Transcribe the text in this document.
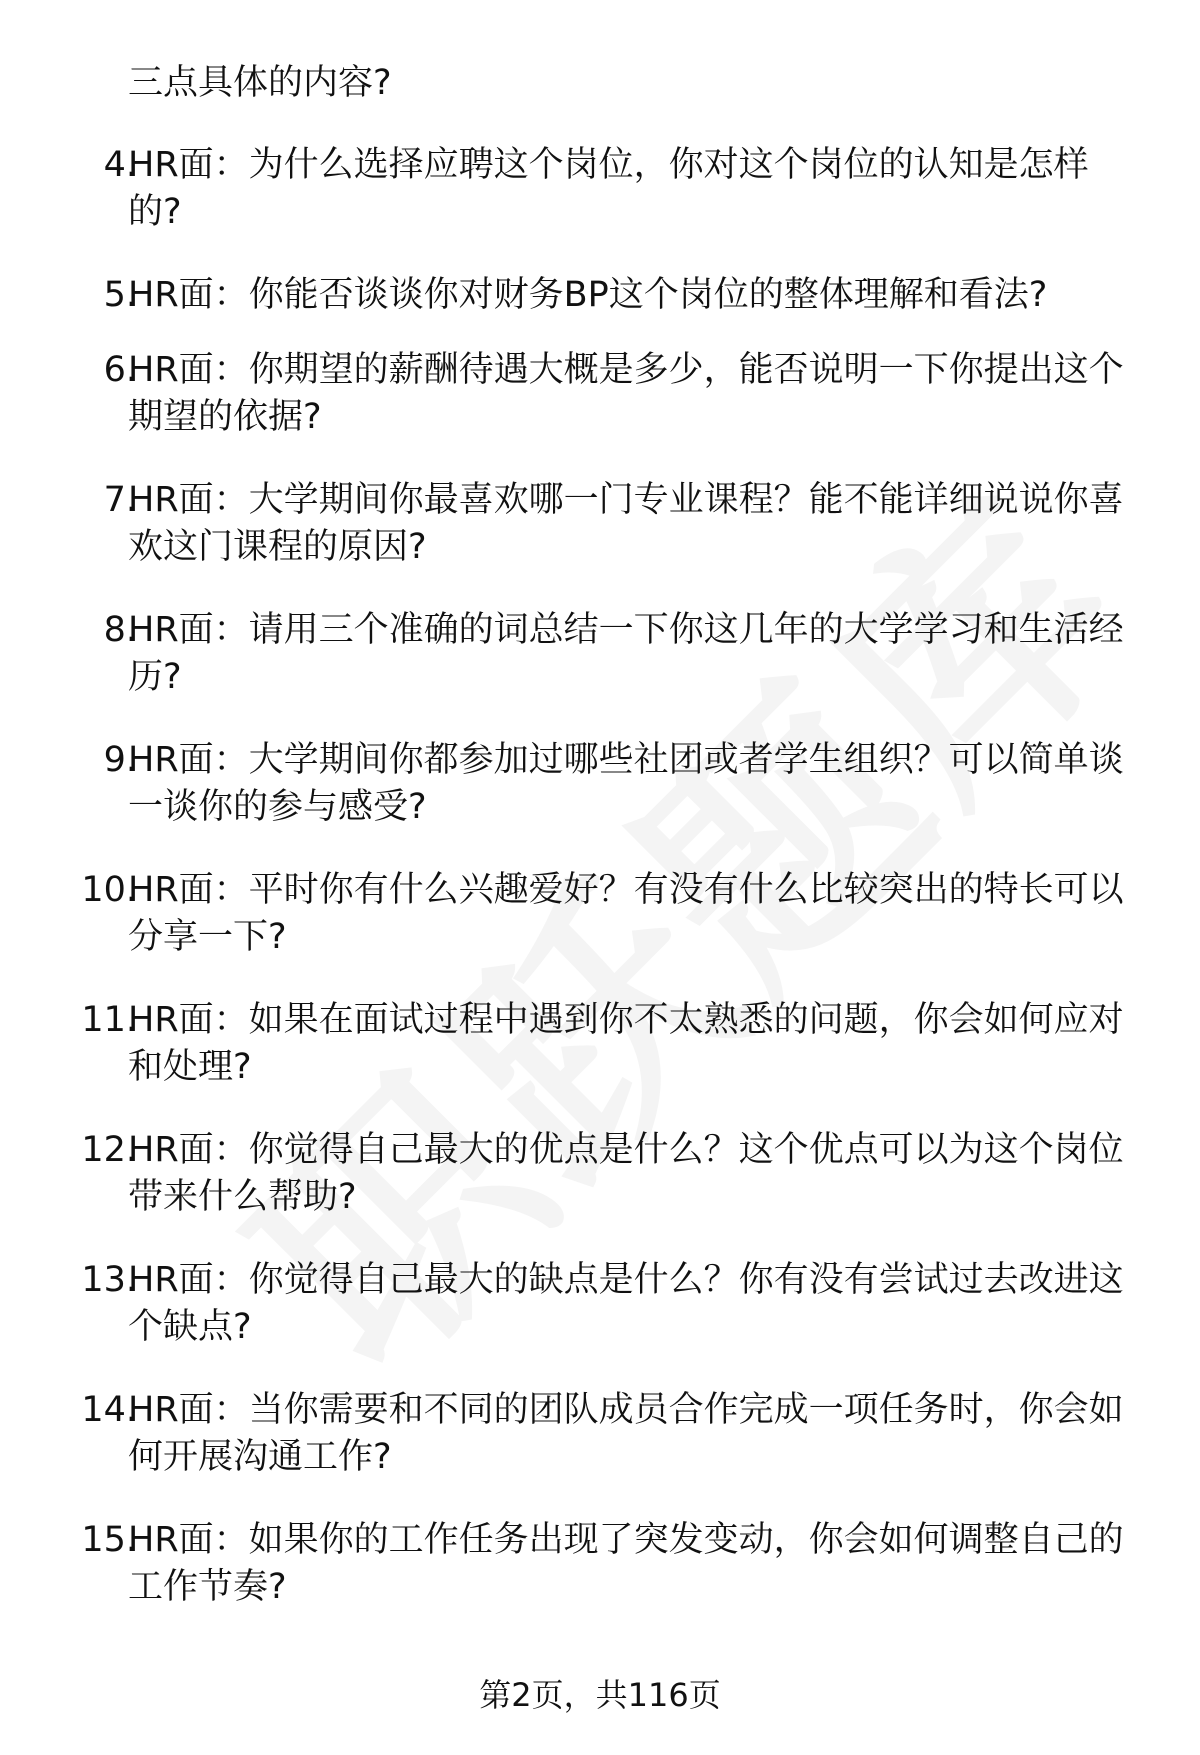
三点具体的内容?
4.
HR面：为什么选择应聘这个岗位，你对这个岗位的认知是怎样
的?
5.
HR面：你能否谈谈你对财务BP这个岗位的整体理解和看法?
6.
HR面：你期望的薪酬待遇大概是多少，能否说明一下你提出这个
期望的依据?
7.
HR面：大学期间你最喜欢哪一门专业课程？能不能详细说说你喜
欢这门课程的原因?
8.
HR面：请用三个准确的词总结一下你这几年的大学学习和生活经
历?
9.
HR面：大学期间你都参加过哪些社团或者学生组织？可以简单谈
一谈你的参与感受?
10.
HR面：平时你有什么兴趣爱好？有没有什么比较突出的特长可以
分享一下?
11.
HR面：如果在面试过程中遇到你不太熟悉的问题，你会如何应对
和处理?
12.
HR面：你觉得自己最大的优点是什么？这个优点可以为这个岗位
带来什么帮助?
13.
HR面：你觉得自己最大的缺点是什么？你有没有尝试过去改进这
个缺点?
14.
HR面：当你需要和不同的团队成员合作完成一项任务时，你会如
何开展沟通工作?
15.
HR面：如果你的工作任务出现了突发变动，你会如何调整自己的
工作节奏?
第2页，共116页
